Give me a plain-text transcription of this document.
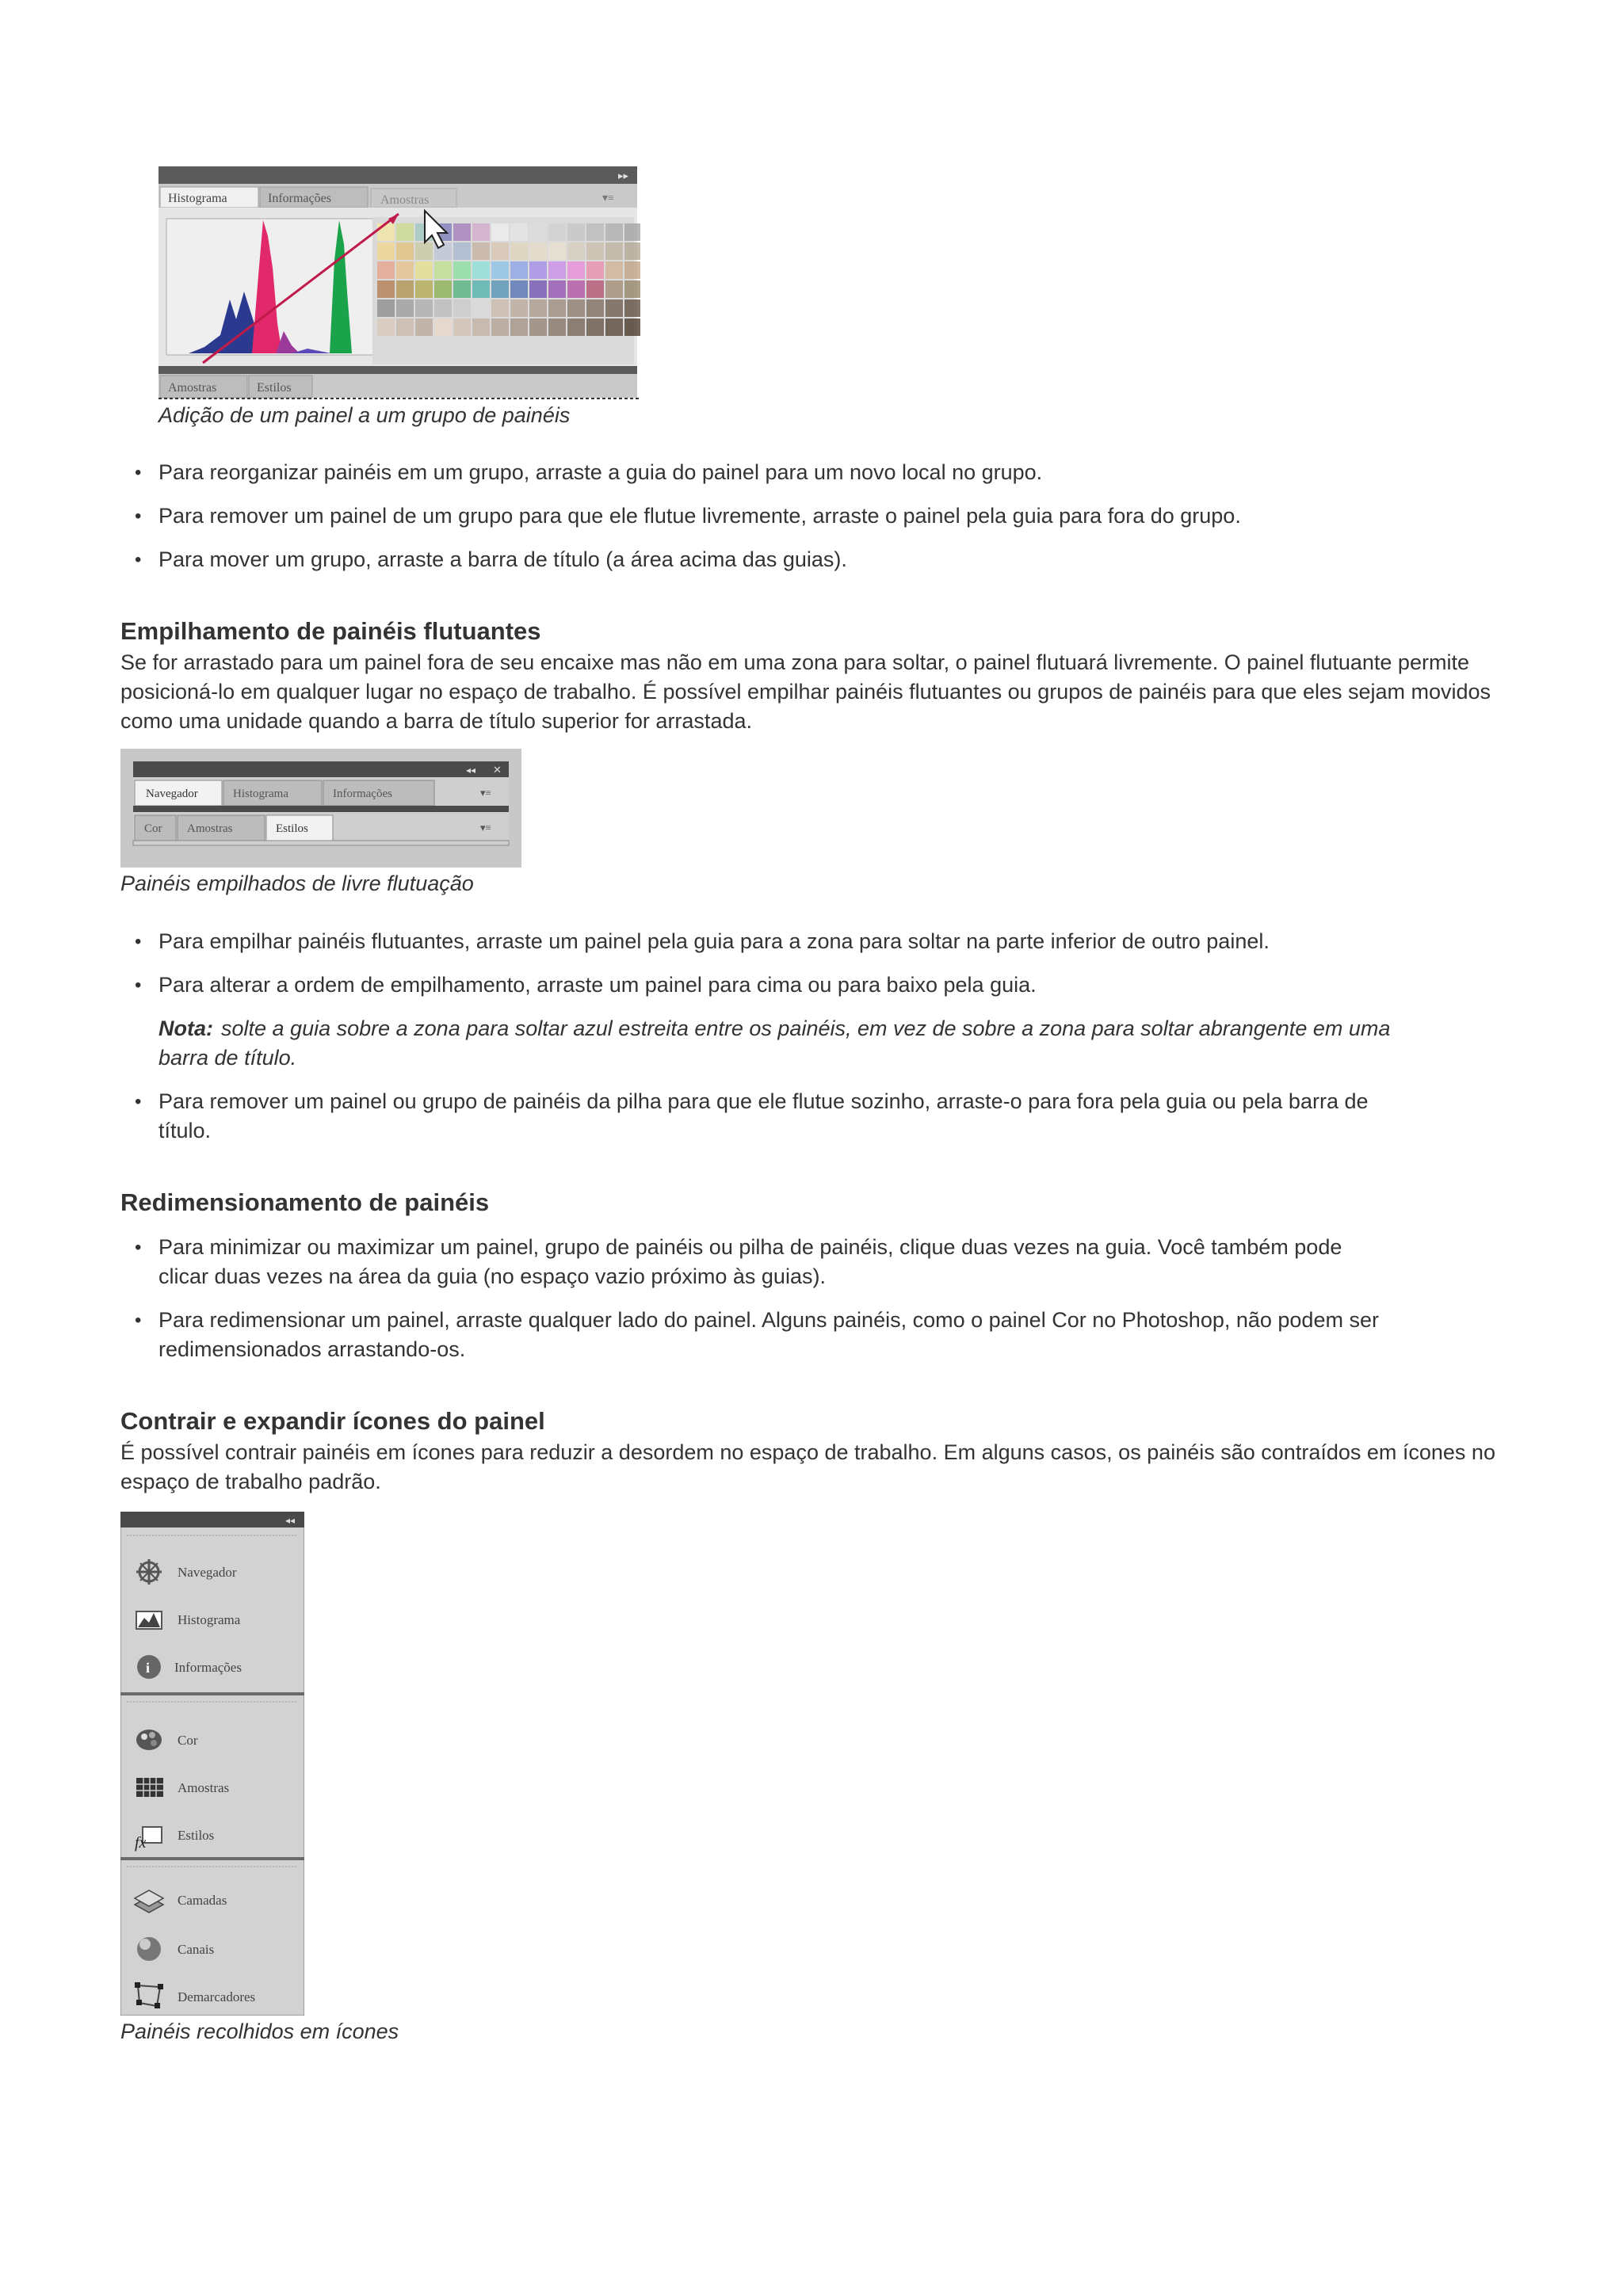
▸▸
Histograma	Informações	Amostras	▾≡
Amostras	Estilos
Adição de um painel a um grupo de painéis
• Para reorganizar painéis em um grupo, arraste a guia do painel para um novo local no grupo.
• Para remover um painel de um grupo para que ele flutue livremente, arraste o painel pela guia para fora do grupo.
• Para mover um grupo, arraste a barra de título (a área acima das guias).
Empilhamento de painéis flutuantes
Se for arrastado para um painel fora de seu encaixe mas não em uma zona para soltar, o painel flutuará livremente. O painel flutuante permite posicioná-lo em qualquer lugar no espaço de trabalho. É possível empilhar painéis flutuantes ou grupos de painéis para que eles sejam movidos como uma unidade quando a barra de título superior for arrastada.
◂◂ ✕
Navegador	Histograma	Informações	▾≡
Cor Amostras	Estilos	▾≡
Painéis empilhados de livre flutuação
• Para empilhar painéis flutuantes, arraste um painel pela guia para a zona para soltar na parte inferior de outro painel.
• Para alterar a ordem de empilhamento, arraste um painel para cima ou para baixo pela guia.
Nota: solte a guia sobre a zona para soltar azul estreita entre os painéis, em vez de sobre a zona para soltar abrangente em uma barra de título.
• Para remover um painel ou grupo de painéis da pilha para que ele flutue sozinho, arraste-o para fora pela guia ou pela barra de título.
Redimensionamento de painéis
• Para minimizar ou maximizar um painel, grupo de painéis ou pilha de painéis, clique duas vezes na guia. Você também pode clicar duas vezes na área da guia (no espaço vazio próximo às guias).
• Para redimensionar um painel, arraste qualquer lado do painel. Alguns painéis, como o painel Cor no Photoshop, não podem ser redimensionados arrastando-os.
Contrair e expandir ícones do painel
É possível contrair painéis em ícones para reduzir a desordem no espaço de trabalho. Em alguns casos, os painéis são contraídos em ícones no espaço de trabalho padrão.
◂◂
Navegador
Histograma
i Informações
Cor
Amostras
fx Estilos
Camadas
Canais
Demarcadores
Painéis recolhidos em ícones
